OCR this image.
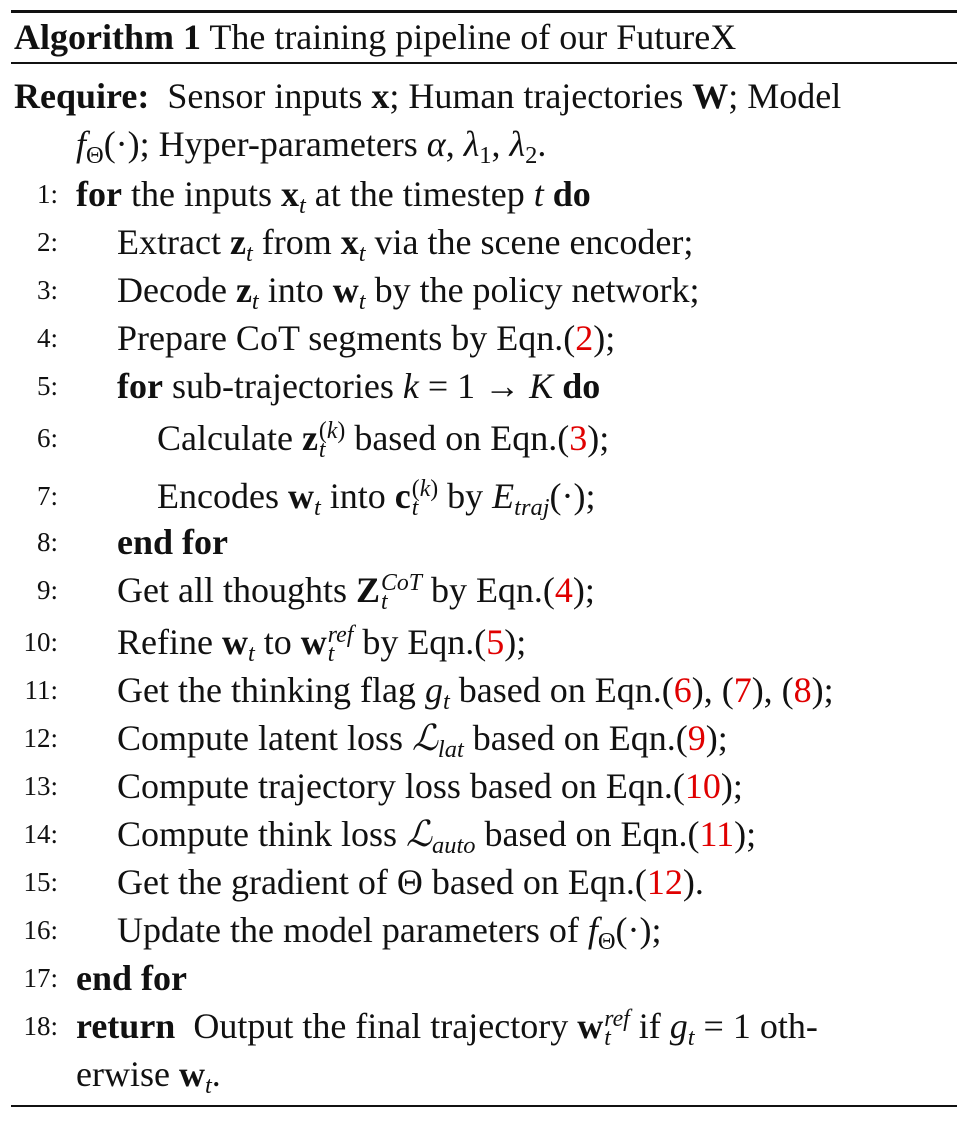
Algorithm 1 The training pipeline of our FutureX
Require: Sensor inputs x; Human trajectories W; Model
$f_\Theta(\cdot)$; Hyper-parameters α, $\lambda_1$, $\lambda_2$.
1: for the inputs $x_t$ at the timestep t do
2: Extract $z_t$ from $x_t$ via the scene encoder;
3: Decode $z_t$ into $w_t$ by the policy network;
4: Prepare CoT segments by Eqn.(2);
5: for sub-trajectories k = 1 → K do
6:	Calculate z (k)
t based on Eqn.(3);
7:	Encodes $w_t$ into c (k)
t by $E_{traj}(\cdot)$;
8: end for
9: Get all thoughts Z CoT
t	by Eqn.(4);
10: Refine $w_t$ to w ref
t by Eqn.(5);
11: Get the thinking flag $g_t$ based on Eqn.(6), (7), (8);
12: Compute latent loss ℒ$_{lat}$ based on Eqn.(9);
13: Compute trajectory loss based on Eqn.(10);
14: Compute think loss ℒ$_{auto}$ based on Eqn.(11);
15: Get the gradient of Θ based on Eqn.(12).
16: Update the model parameters of $f_\Theta(\cdot)$;
17: end for
18: return Output the final trajectory w ref
t if $g_t = 1$ oth-
erwise $w_t$.
